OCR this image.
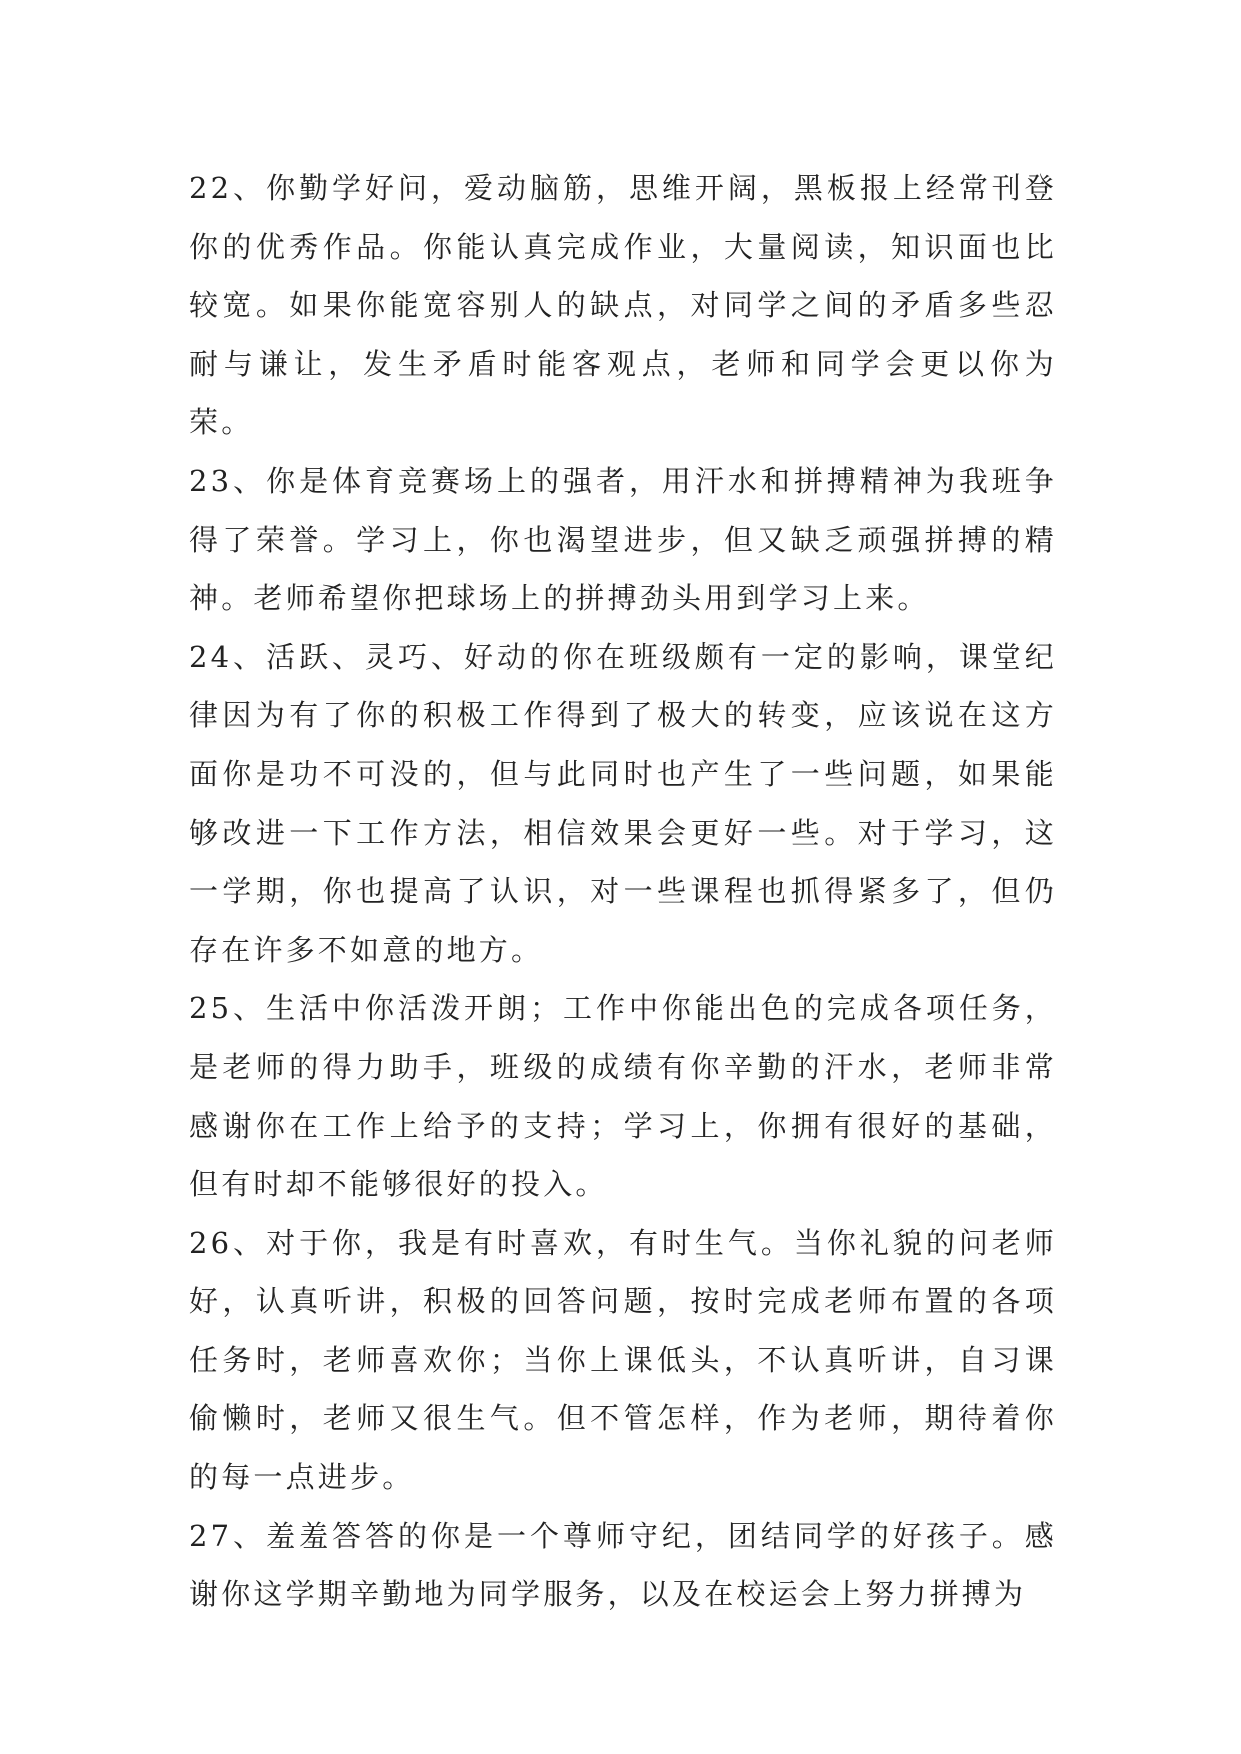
22、你勤学好问，爱动脑筋，思维开阔，黑板报上经常刊登你的优秀作品。你能认真完成作业，大量阅读，知识面也比较宽。如果你能宽容别人的缺点，对同学之间的矛盾多些忍耐与谦让，发生矛盾时能客观点，老师和同学会更以你为荣。

23、你是体育竞赛场上的强者，用汗水和拼搏精神为我班争得了荣誉。学习上，你也渴望进步，但又缺乏顽强拼搏的精神。老师希望你把球场上的拼搏劲头用到学习上来。

24、活跃、灵巧、好动的你在班级颇有一定的影响，课堂纪律因为有了你的积极工作得到了极大的转变，应该说在这方面你是功不可没的，但与此同时也产生了一些问题，如果能够改进一下工作方法，相信效果会更好一些。对于学习，这一学期，你也提高了认识，对一些课程也抓得紧多了，但仍存在许多不如意的地方。

25、生活中你活泼开朗；工作中你能出色的完成各项任务，是老师的得力助手，班级的成绩有你辛勤的汗水，老师非常感谢你在工作上给予的支持；学习上，你拥有很好的基础，但有时却不能够很好的投入。

26、对于你，我是有时喜欢，有时生气。当你礼貌的问老师好，认真听讲，积极的回答问题，按时完成老师布置的各项任务时，老师喜欢你；当你上课低头，不认真听讲，自习课偷懒时，老师又很生气。但不管怎样，作为老师，期待着你的每一点进步。

27、羞羞答答的你是一个尊师守纪，团结同学的好孩子。感谢你这学期辛勤地为同学服务，以及在校运会上努力拼搏为
